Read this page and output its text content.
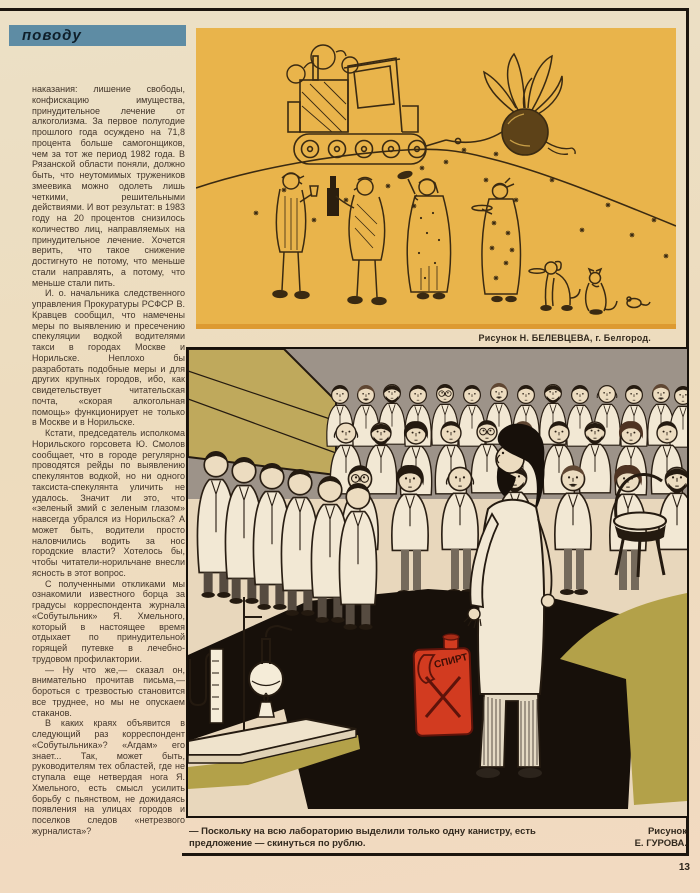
поводу

наказания: лишение свободы, конфискацию имущества, принудительное лечение от алкоголизма. За первое полугодие прошлого года осуждено на 71,8 процента больше самогонщиков, чем за тот же период 1982 года. В Рязанской области поняли, должно быть, что неутомимых тружеников змеевика можно одолеть лишь четкими, решительными действиями. И вот результат: в 1983 году на 20 процентов снизилось количество лиц, направляемых на принудительное лечение. Хочется верить, что такое снижение достигнуто не потому, что меньше стали направлять, а потому, что меньше стали пить.

И. о. начальника следственного управления Прокуратуры РСФСР В. Кравцев сообщил, что намечены меры по выявлению и пресечению спекуляции водкой водителями такси в городах Москве и Норильске. Неплохо бы разработать подобные меры и для других крупных городов, ибо, как свидетельствует читательская почта, «скорая алкогольная помощь» функционирует не только в Москве и в Норильске.

Кстати, председатель исполкома Норильского горсовета Ю. Смолов сообщает, что в городе регулярно проводятся рейды по выявлению спекулянтов водкой, но ни одного таксиста-спекулянта уличить не удалось. Значит ли это, что «зеленый змий с зеленым глазом» навсегда убрался из Норильска? А может быть, водители просто наловчились водить за нос городские власти? Хотелось бы, чтобы читатели-норильчане внесли ясность в этот вопрос.

С полученными откликами мы ознакомили известного борца за градусы корреспондента журнала «Собутыльник» Я. Хмельного, который в настоящее время отдыхает по принудительной горящей путевке в лечебно-трудовом профилактории.

— Ну что же,— сказал он, внимательно прочитав письма,— бороться с трезвостью становится все труднее, но мы не опускаем стаканов.

В каких краях объявится в следующий раз корреспондент «Собутыльника»? «Агдам» его знает... Так, может быть, руководителям тех областей, где не ступала еще нетвердая нога Я. Хмельного, есть смысл усилить борьбу с пьянством, не дожидаясь появления на улицах городов и поселков следов «нетрезвого журналиста»?

Рисунок Н. БЕЛЕВЦЕВА, г. Белгород.
СПИРТ

— Поскольку на всю лабораторию выделили только одну канистру, есть предложение — скинуться по рублю.

Рисунок
Е. ГУРОВА.
13
